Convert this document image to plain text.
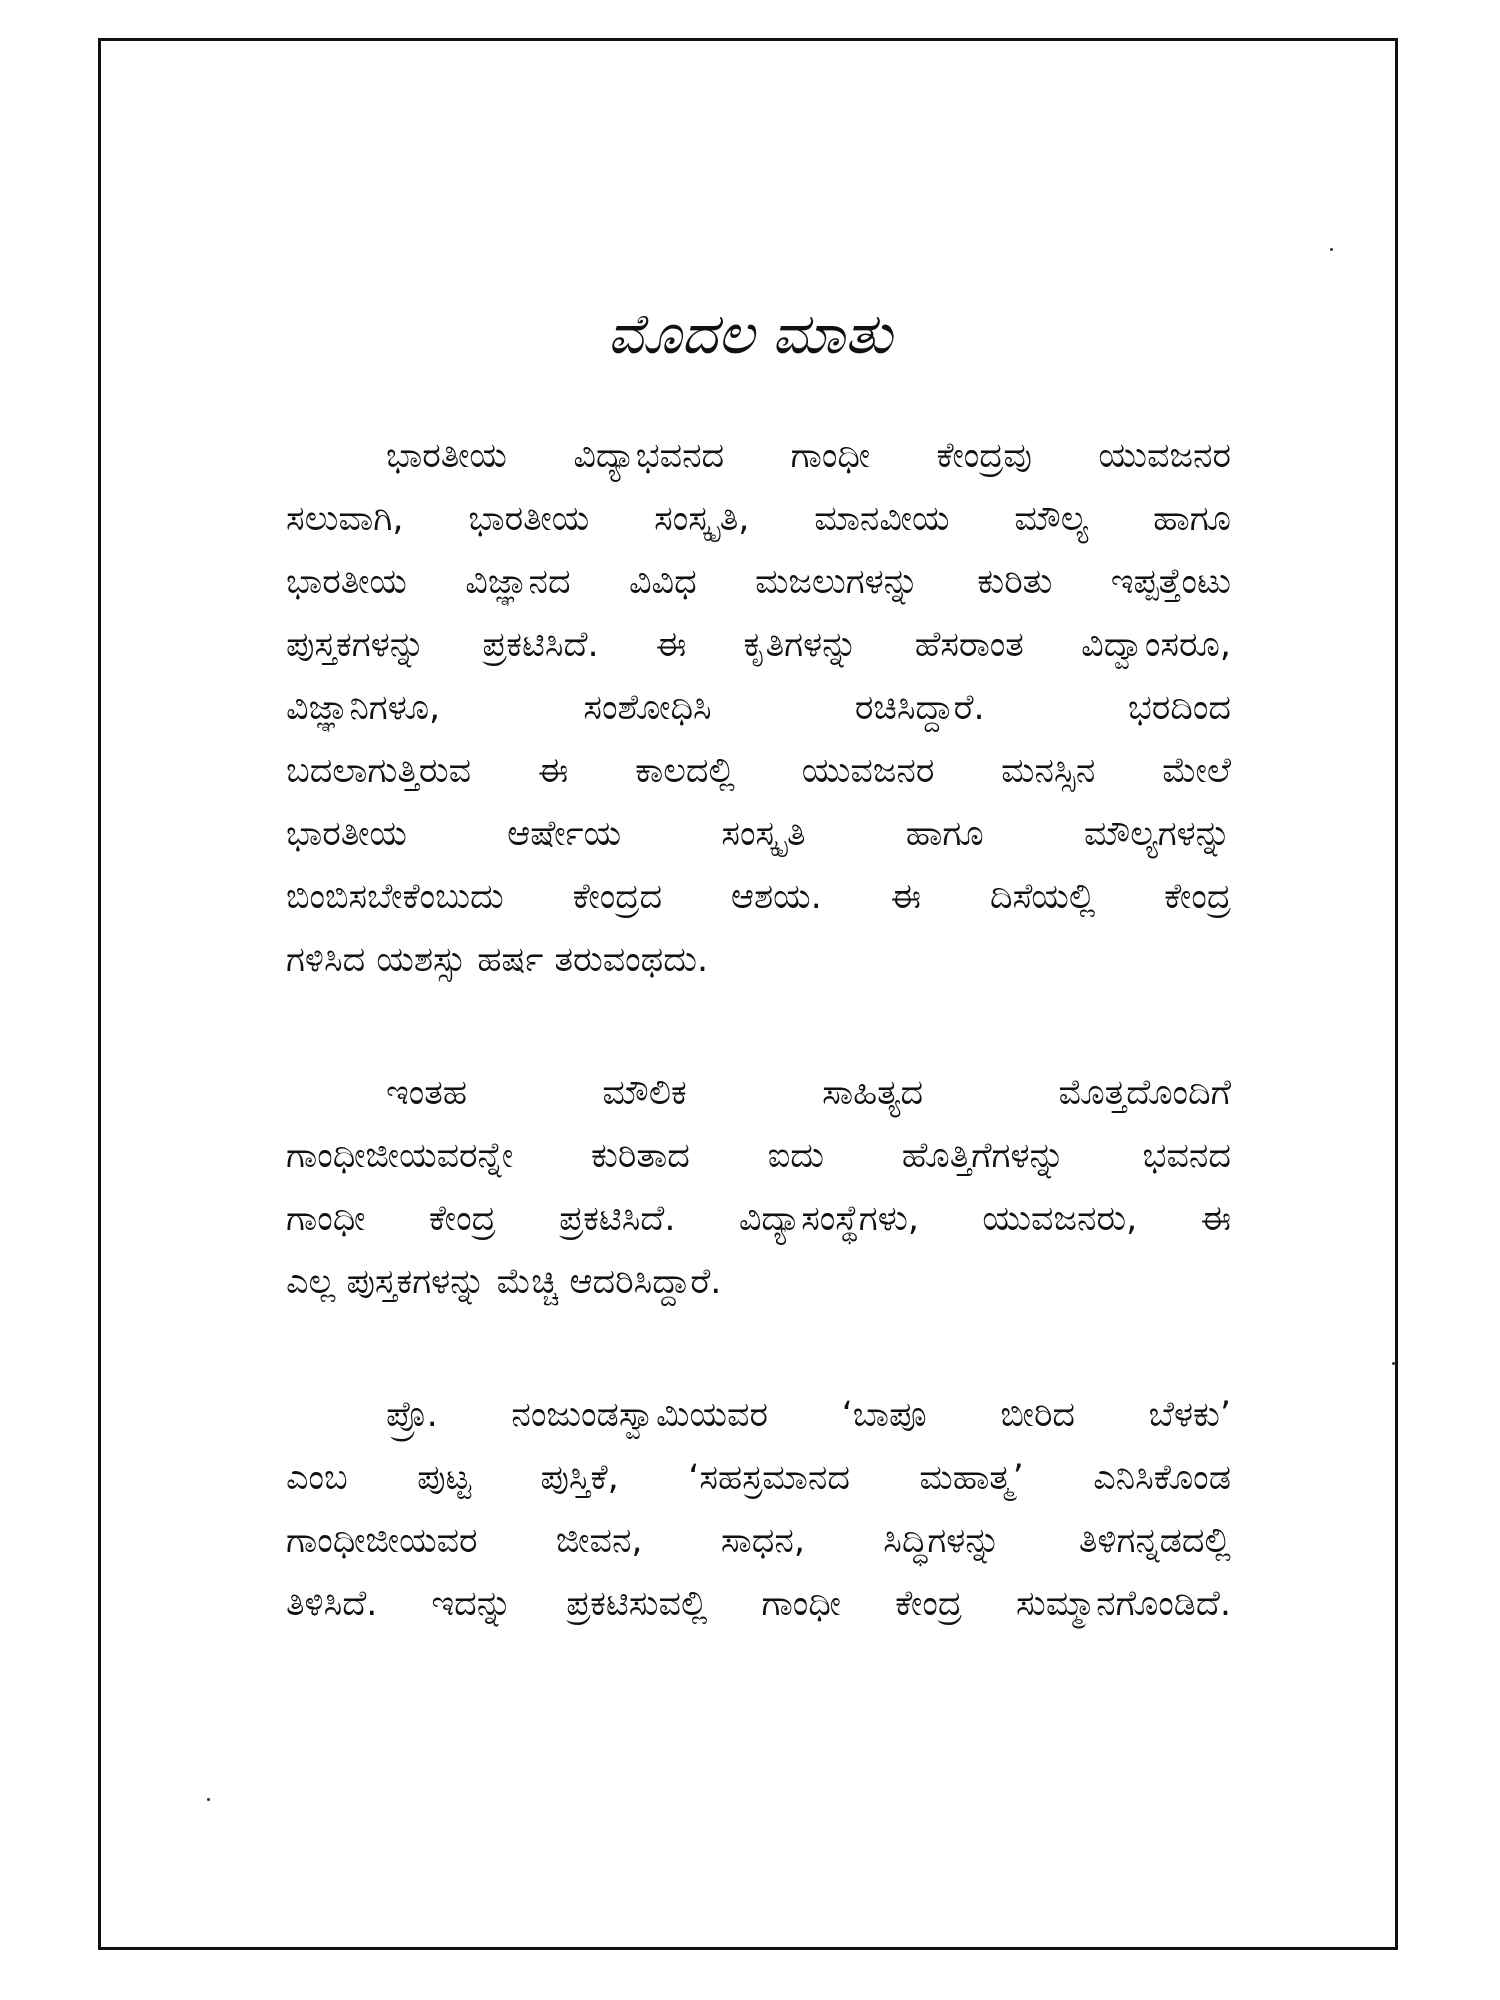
ಮೊದಲ ಮಾತು
ಭಾರತೀಯ ವಿದ್ಯಾಭವನದ ಗಾಂಧೀ ಕೇಂದ್ರವು ಯುವಜನರ
ಸಲುವಾಗಿ, ಭಾರತೀಯ ಸಂಸ್ಕೃತಿ, ಮಾನವೀಯ ಮೌಲ್ಯ ಹಾಗೂ
ಭಾರತೀಯ ವಿಜ್ಞಾನದ ವಿವಿಧ ಮಜಲುಗಳನ್ನು ಕುರಿತು ಇಪ್ಪತ್ತೆಂಟು
ಪುಸ್ತಕಗಳನ್ನು ಪ್ರಕಟಿಸಿದೆ. ಈ ಕೃತಿಗಳನ್ನು ಹೆಸರಾಂತ ವಿದ್ವಾಂಸರೂ,
ವಿಜ್ಞಾನಿಗಳೂ, ಸಂಶೋಧಿಸಿ ರಚಿಸಿದ್ದಾರೆ. ಭರದಿಂದ
ಬದಲಾಗುತ್ತಿರುವ ಈ ಕಾಲದಲ್ಲಿ ಯುವಜನರ ಮನಸ್ಸಿನ ಮೇಲೆ
ಭಾರತೀಯ ಆರ್ಷೇಯ ಸಂಸ್ಕೃತಿ ಹಾಗೂ ಮೌಲ್ಯಗಳನ್ನು
ಬಿಂಬಿಸಬೇಕೆಂಬುದು ಕೇಂದ್ರದ ಆಶಯ. ಈ ದಿಸೆಯಲ್ಲಿ ಕೇಂದ್ರ
ಗಳಿಸಿದ ಯಶಸ್ಸು ಹರ್ಷ ತರುವಂಥದು.
ಇಂತಹ ಮೌಲಿಕ ಸಾಹಿತ್ಯದ ಮೊತ್ತದೊಂದಿಗೆ
ಗಾಂಧೀಜೀಯವರನ್ನೇ ಕುರಿತಾದ ಐದು ಹೊತ್ತಿಗೆಗಳನ್ನು ಭವನದ
ಗಾಂಧೀ ಕೇಂದ್ರ ಪ್ರಕಟಿಸಿದೆ. ವಿದ್ಯಾಸಂಸ್ಥೆಗಳು, ಯುವಜನರು, ಈ
ಎಲ್ಲ ಪುಸ್ತಕಗಳನ್ನು ಮೆಚ್ಚಿ ಆದರಿಸಿದ್ದಾರೆ.
ಪ್ರೊ. ನಂಜುಂಡಸ್ವಾಮಿಯವರ ‘ಬಾಪೂ ಬೀರಿದ ಬೆಳಕು’
ಎಂಬ ಪುಟ್ಟ ಪುಸ್ತಿಕೆ, ‘ಸಹಸ್ರಮಾನದ ಮಹಾತ್ಮ’ ಎನಿಸಿಕೊಂಡ
ಗಾಂಧೀಜೀಯವರ ಜೀವನ, ಸಾಧನ, ಸಿದ್ಧಿಗಳನ್ನು ತಿಳಿಗನ್ನಡದಲ್ಲಿ
ತಿಳಿಸಿದೆ. ಇದನ್ನು ಪ್ರಕಟಿಸುವಲ್ಲಿ ಗಾಂಧೀ ಕೇಂದ್ರ ಸುಮ್ಮಾನಗೊಂಡಿದೆ.
